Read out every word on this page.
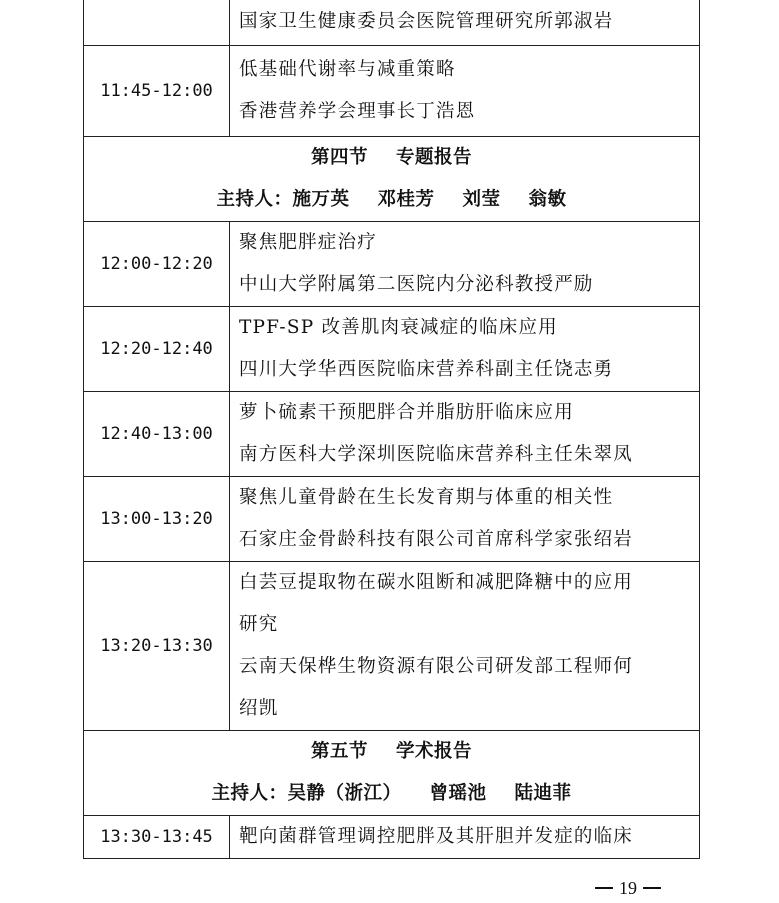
	国家卫生健康委员会医院管理研究所郭淑岩

11:45-12:00	低基础代谢率与减重策略
香港营养学会理事长丁浩恩

第四节 专题报告
主持人：施万英 邓桂芳 刘莹 翁敏	

12:00-12:20	聚焦肥胖症治疗
中山大学附属第二医院内分泌科教授严励

12:20-12:40	TPF-SP 改善肌肉衰减症的临床应用
四川大学华西医院临床营养科副主任饶志勇

12:40-13:00	萝卜硫素干预肥胖合并脂肪肝临床应用
南方医科大学深圳医院临床营养科主任朱翠凤

13:00-13:20	聚焦儿童骨龄在生长发育期与体重的相关性
石家庄金骨龄科技有限公司首席科学家张绍岩

13:20-13:30	白芸豆提取物在碳水阻断和减肥降糖中的应用
研究
云南天保桦生物资源有限公司研发部工程师何
绍凯

第五节 学术报告
主持人：吴静（浙江） 曾瑶池 陆迪菲	

13:30-13:45	靶向菌群管理调控肥胖及其肝胆并发症的临床
19
